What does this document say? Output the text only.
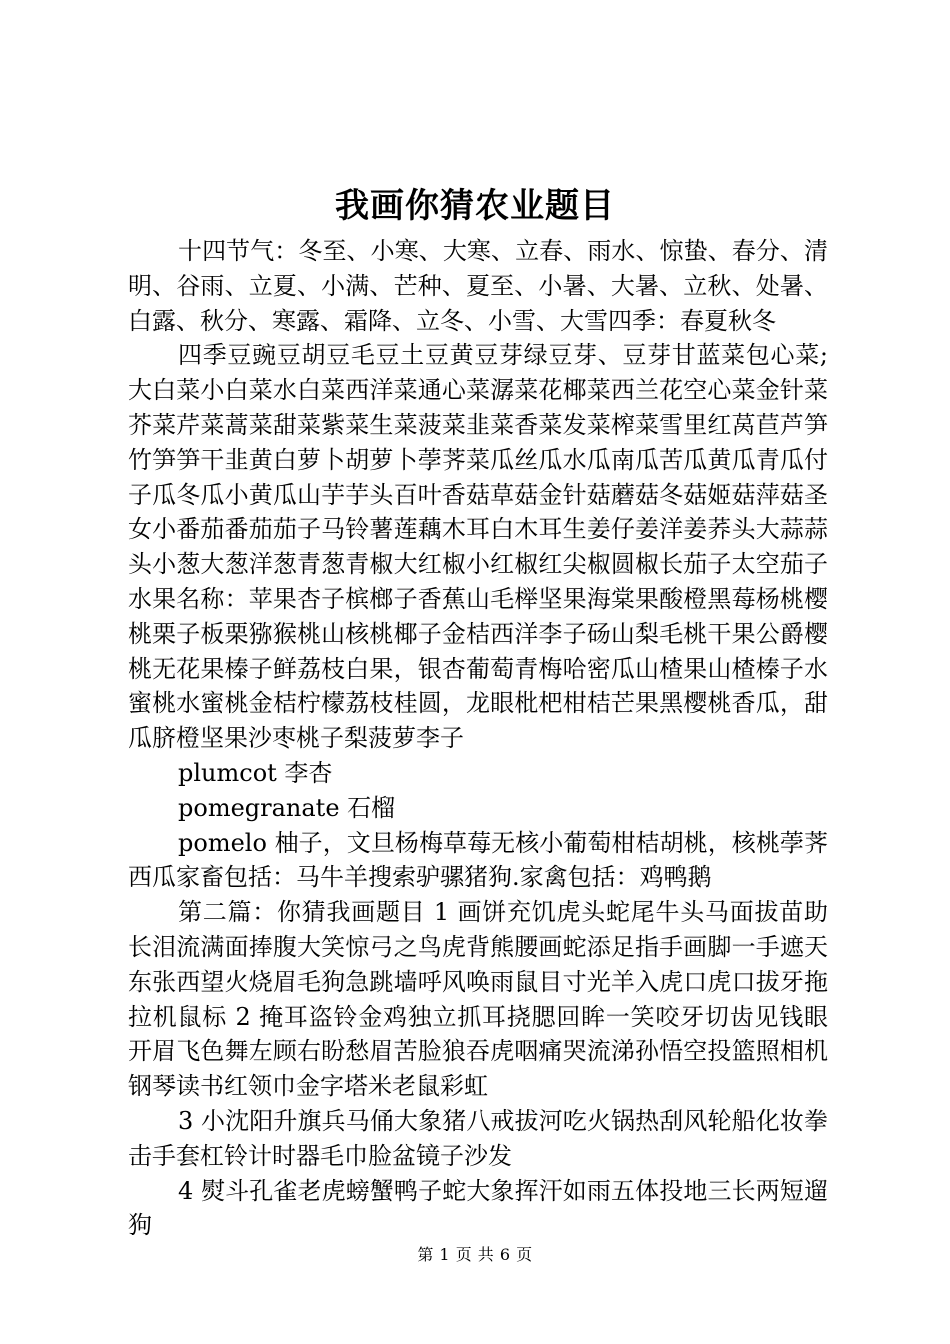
我画你猜农业题目

十四节气：冬至、小寒、大寒、立春、雨水、惊蛰、春分、清明、谷雨、立夏、小满、芒种、夏至、小暑、大暑、立秋、处暑、白露、秋分、寒露、霜降、立冬、小雪、大雪四季：春夏秋冬

四季豆豌豆胡豆毛豆土豆黄豆芽绿豆芽、豆芽甘蓝菜包心菜;大白菜小白菜水白菜西洋菜通心菜潺菜花椰菜西兰花空心菜金针菜芥菜芹菜蒿菜甜菜紫菜生菜菠菜韭菜香菜发菜榨菜雪里红莴苣芦笋竹笋笋干韭黄白萝卜胡萝卜荸荠菜瓜丝瓜水瓜南瓜苦瓜黄瓜青瓜付子瓜冬瓜小黄瓜山芋芋头百叶香菇草菇金针菇蘑菇冬菇姬菇萍菇圣女小番茄番茄茄子马铃薯莲藕木耳白木耳生姜仔姜洋姜荞头大蒜蒜头小葱大葱洋葱青葱青椒大红椒小红椒红尖椒圆椒长茄子太空茄子水果名称：苹果杏子槟榔子香蕉山毛榉坚果海棠果酸橙黑莓杨桃樱桃栗子板栗猕猴桃山核桃椰子金桔西洋李子砀山梨毛桃干果公爵樱桃无花果榛子鲜荔枝白果，银杏葡萄青梅哈密瓜山楂果山楂榛子水蜜桃水蜜桃金桔柠檬荔枝桂圆，龙眼枇杷柑桔芒果黑樱桃香瓜，甜瓜脐橙坚果沙枣桃子梨菠萝李子

plumcot 李杏

pomegranate 石榴

pomelo 柚子，文旦杨梅草莓无核小葡萄柑桔胡桃，核桃荸荠西瓜家畜包括：马牛羊搜索驴骡猪狗.家禽包括：鸡鸭鹅

第二篇：你猜我画题目 1 画饼充饥虎头蛇尾牛头马面拔苗助长泪流满面捧腹大笑惊弓之鸟虎背熊腰画蛇添足指手画脚一手遮天东张西望火烧眉毛狗急跳墙呼风唤雨鼠目寸光羊入虎口虎口拔牙拖拉机鼠标 2 掩耳盗铃金鸡独立抓耳挠腮回眸一笑咬牙切齿见钱眼开眉飞色舞左顾右盼愁眉苦脸狼吞虎咽痛哭流涕孙悟空投篮照相机钢琴读书红领巾金字塔米老鼠彩虹

3 小沈阳升旗兵马俑大象猪八戒拔河吃火锅热刮风轮船化妆拳击手套杠铃计时器毛巾脸盆镜子沙发

4 熨斗孔雀老虎螃蟹鸭子蛇大象挥汗如雨五体投地三长两短遛狗

第 1 页 共 6 页
